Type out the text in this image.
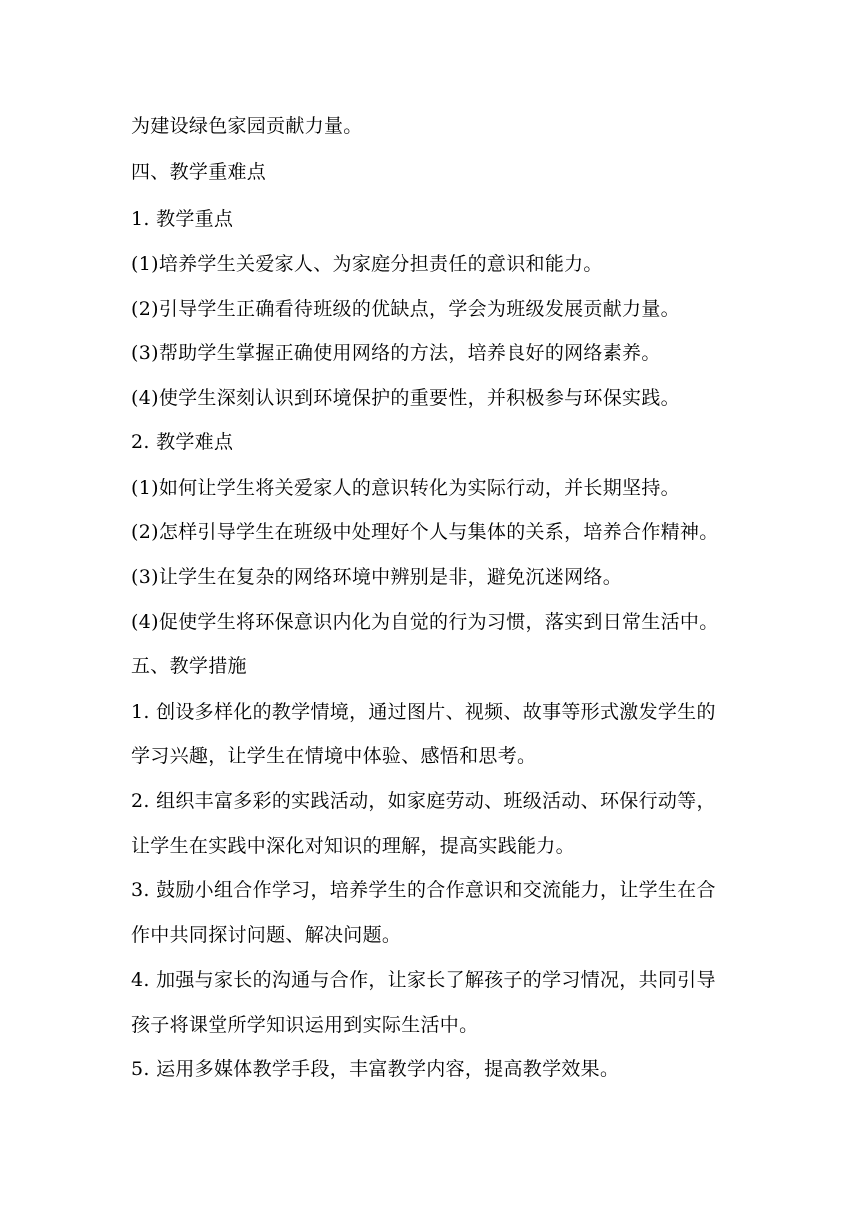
为建设绿色家园贡献力量。
四、教学重难点
1. 教学重点
(1)培养学生关爱家人、为家庭分担责任的意识和能力。
(2)引导学生正确看待班级的优缺点，学会为班级发展贡献力量。
(3)帮助学生掌握正确使用网络的方法，培养良好的网络素养。
(4)使学生深刻认识到环境保护的重要性，并积极参与环保实践。
2. 教学难点
(1)如何让学生将关爱家人的意识转化为实际行动，并长期坚持。
(2)怎样引导学生在班级中处理好个人与集体的关系，培养合作精神。
(3)让学生在复杂的网络环境中辨别是非，避免沉迷网络。
(4)促使学生将环保意识内化为自觉的行为习惯，落实到日常生活中。
五、教学措施
1. 创设多样化的教学情境，通过图片、视频、故事等形式激发学生的
学习兴趣，让学生在情境中体验、感悟和思考。
2. 组织丰富多彩的实践活动，如家庭劳动、班级活动、环保行动等，
让学生在实践中深化对知识的理解，提高实践能力。
3. 鼓励小组合作学习，培养学生的合作意识和交流能力，让学生在合
作中共同探讨问题、解决问题。
4. 加强与家长的沟通与合作，让家长了解孩子的学习情况，共同引导
孩子将课堂所学知识运用到实际生活中。
5. 运用多媒体教学手段，丰富教学内容，提高教学效果。
